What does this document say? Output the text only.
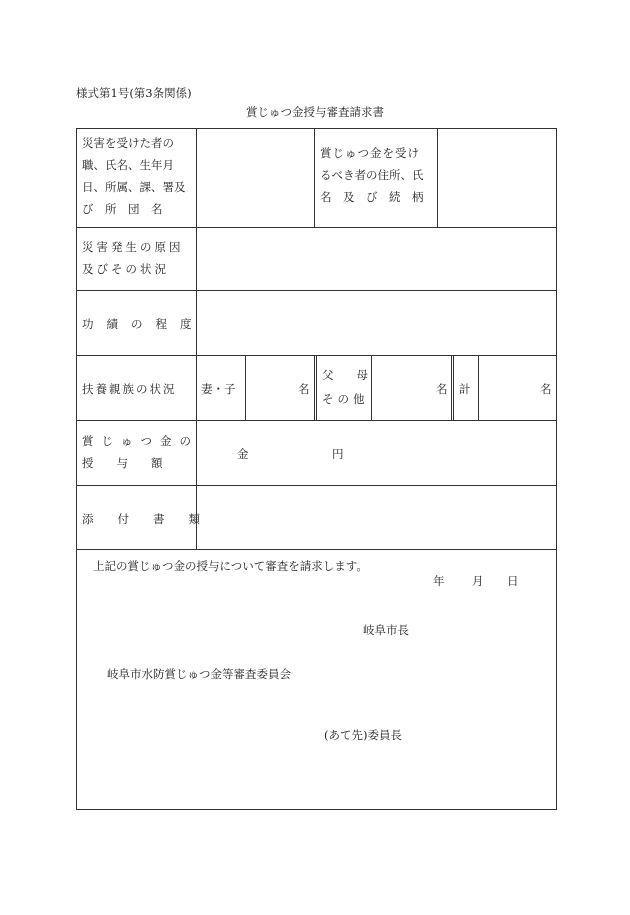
様式第1号(第3条関係)
賞じゅつ金授与審査請求書
災害を受けた者の
職、氏名、生年月
日、所属、課、署及
び　所　団　名
賞じゅつ金を受け
るべき者の住所、氏
名　及　び　続　柄
災害発生の原因
及びその状況
功績の程度
扶養親族の状況 妻・子	名
父　　母
その他
名 計	名
賞じゅつ金の
授　　与　　額
金	円
添付書類
上記の賞じゅつ金の授与について審査を請求します。
年 月 日
岐阜市長
岐阜市水防賞じゅつ金等審査委員会
(あて先)委員長
